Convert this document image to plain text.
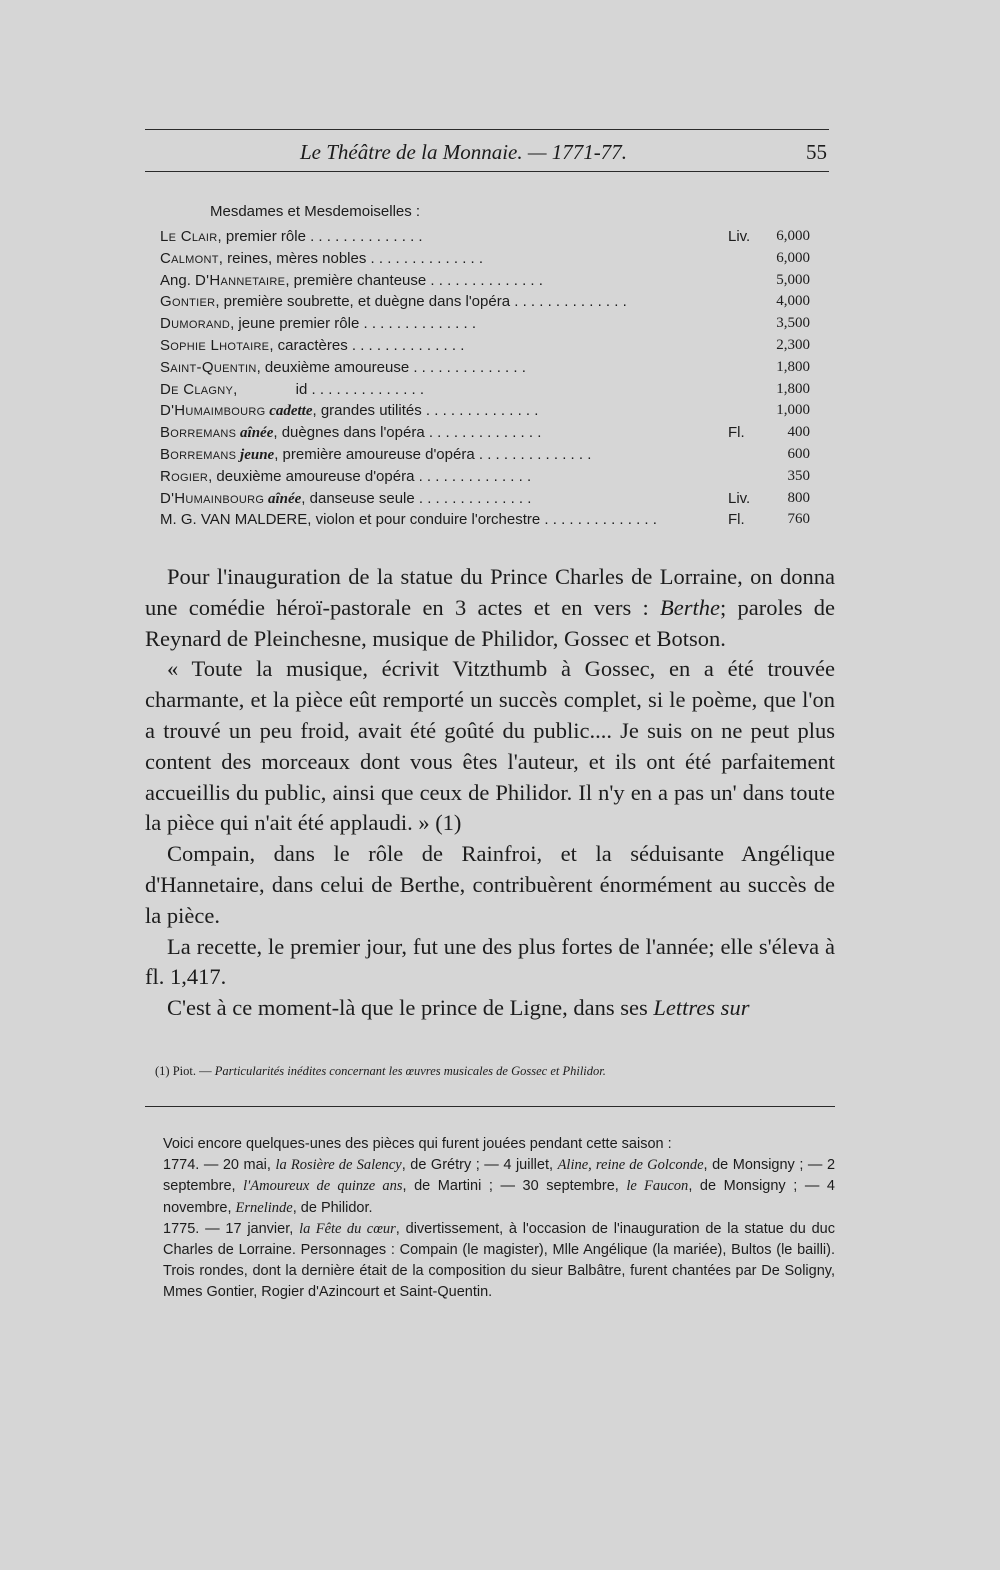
Le Théâtre de la Monnaie. — 1771-77.	55
Mesdames et Mesdemoiselles :
Le Clair, premier rôle . . . . . . . . . . . . . .	Liv. 6,000
Calmont, reines, mères nobles . . . . . . . . . . . . . .	6,000
Ang. D'Hannetaire, première chanteuse . . . . . . . . . . . . . .	5,000
Gontier, première soubrette, et duègne dans l'opéra . . . . . . . . . . . . . .	4,000
Dumorand, jeune premier rôle . . . . . . . . . . . . . .	3,500
Sophie Lhotaire, caractères . . . . . . . . . . . . . .	2,300
Saint-Quentin, deuxième amoureuse . . . . . . . . . . . . . .	1,800
De Clagny,              id . . . . . . . . . . . . . .	1,800
D'Humaimbourg cadette, grandes utilités . . . . . . . . . . . . . .	1,000
Borremans aînée, duègnes dans l'opéra . . . . . . . . . . . . . .	Fl.	400
Borremans jeune, première amoureuse d'opéra . . . . . . . . . . . . . .	600
Rogier, deuxième amoureuse d'opéra . . . . . . . . . . . . . .	350
D'Humainbourg aînée, danseuse seule . . . . . . . . . . . . . .	Liv. 800
M. G. VAN MALDERE, violon et pour conduire l'orchestre . . . . . . . . . . . . . .	Fl.	760

Pour l'inauguration de la statue du Prince Charles de Lorraine, on donna une comédie héroï-pastorale en 3 actes et en vers : Berthe; paroles de Reynard de Pleinchesne, musique de Philidor, Gossec et Botson.

« Toute la musique, écrivit Vitzthumb à Gossec, en a été trouvée charmante, et la pièce eût remporté un succès complet, si le poème, que l'on a trouvé un peu froid, avait été goûté du public.... Je suis on ne peut plus content des morceaux dont vous êtes l'auteur, et ils ont été parfaitement accueillis du public, ainsi que ceux de Philidor. Il n'y en a pas un' dans toute la pièce qui n'ait été applaudi. » (1)

Compain, dans le rôle de Rainfroi, et la séduisante Angélique d'Hannetaire, dans celui de Berthe, contribuèrent énormément au succès de la pièce.

La recette, le premier jour, fut une des plus fortes de l'année; elle s'éleva à fl. 1,417.

C'est à ce moment-là que le prince de Ligne, dans ses Lettres sur

(1) Piot. — Particularités inédites concernant les œuvres musicales de Gossec et Philidor.

Voici encore quelques-unes des pièces qui furent jouées pendant cette saison :

1774. — 20 mai, la Rosière de Salency, de Grétry ; — 4 juillet, Aline, reine de Golconde, de Monsigny ; — 2 septembre, l'Amoureux de quinze ans, de Martini ; — 30 septembre, le Faucon, de Monsigny ; — 4 novembre, Ernelinde, de Philidor.

1775. — 17 janvier, la Fête du cœur, divertissement, à l'occasion de l'inauguration de la statue du duc Charles de Lorraine. Personnages : Compain (le magister), Mlle Angélique (la mariée), Bultos (le bailli). Trois rondes, dont la dernière était de la composition du sieur Balbâtre, furent chantées par De Soligny, Mmes Gontier, Rogier d'Azincourt et Saint-Quentin.
